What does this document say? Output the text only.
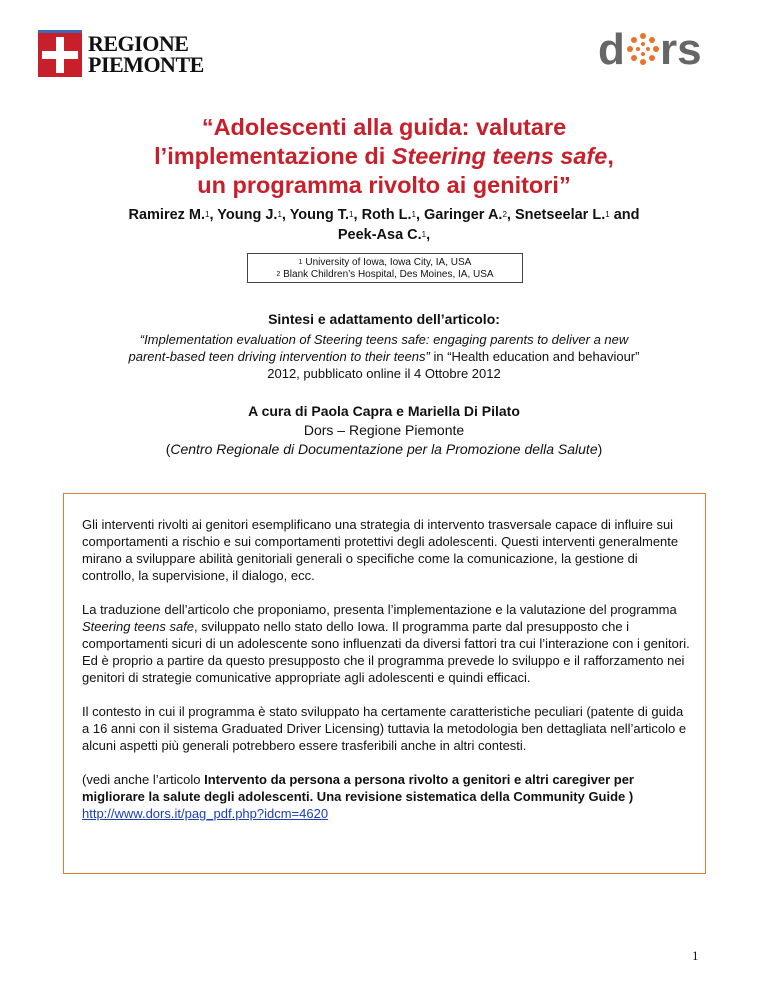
REGIONE
PIEMONTE	d rs
“Adolescenti alla guida: valutare
l’implementazione di Steering teens safe,
un programma rivolto ai genitori”
Ramirez M.$^1$, Young J.$^1$, Young T.$^1$, Roth L.$^1$, Garinger A.$^2$, Snetseelar L.$^1$ and
Peek-Asa C.$^1$,
$^1$ University of Iowa, Iowa City, IA, USA
$^2$ Blank Children’s Hospital, Des Moines, IA, USA
Sintesi e adattamento dell’articolo:
“Implementation evaluation of Steering teens safe: engaging parents to deliver a new
parent-based teen driving intervention to their teens” in “Health education and behaviour”
2012, pubblicato online il 4 Ottobre 2012
A cura di Paola Capra e Mariella Di Pilato
Dors – Regione Piemonte
(Centro Regionale di Documentazione per la Promozione della Salute)

Gli interventi rivolti ai genitori esemplificano una strategia di intervento trasversale capace di influire sui comportamenti a rischio e sui comportamenti protettivi degli adolescenti. Questi interventi generalmente mirano a sviluppare abilità genitoriali generali o specifiche come la comunicazione, la gestione di controllo, la supervisione, il dialogo, ecc.

La traduzione dell’articolo che proponiamo, presenta l’implementazione e la valutazione del programma Steering teens safe, sviluppato nello stato dello Iowa. Il programma parte dal presupposto che i comportamenti sicuri di un adolescente sono influenzati da diversi fattori tra cui l’interazione con i genitori. Ed è proprio a partire da questo presupposto che il programma prevede lo sviluppo e il rafforzamento nei genitori di strategie comunicative appropriate agli adolescenti e quindi efficaci.

Il contesto in cui il programma è stato sviluppato ha certamente caratteristiche peculiari (patente di guida a 16 anni con il sistema Graduated Driver Licensing) tuttavia la metodologia ben dettagliata nell’articolo e alcuni aspetti più generali potrebbero essere trasferibili anche in altri contesti.

(vedi anche l’articolo Intervento da persona a persona rivolto a genitori e altri caregiver per migliorare la salute degli adolescenti. Una revisione sistematica della Community Guide )
http://www.dors.it/pag_pdf.php?idcm=4620

1
